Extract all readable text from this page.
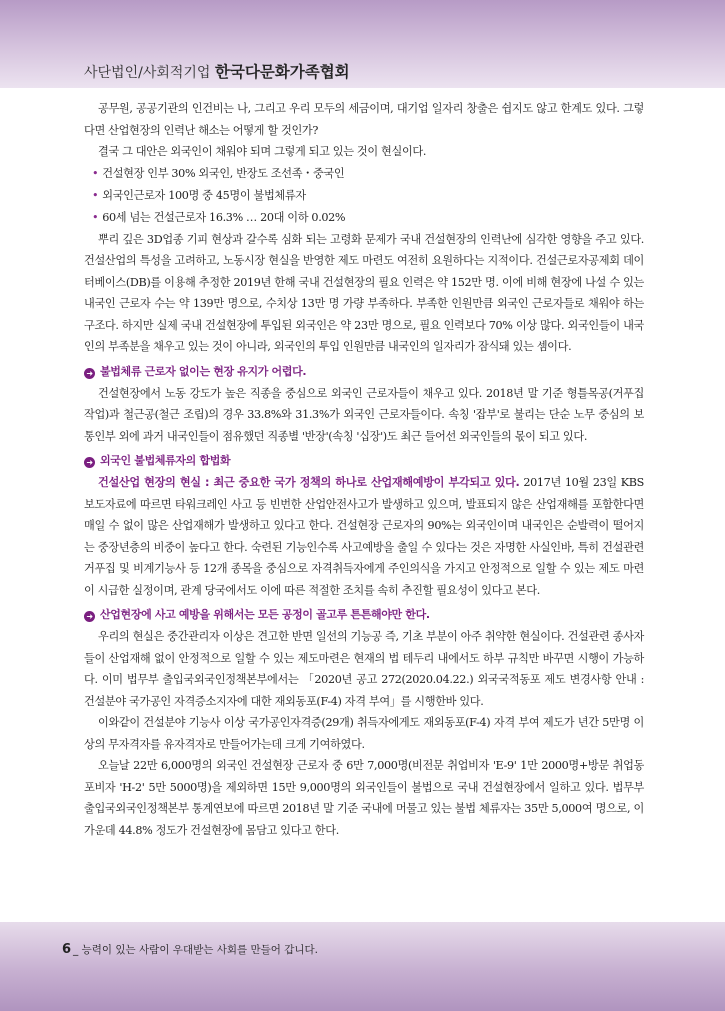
사단법인/사회적기업 한국다문화가족협회

공무원, 공공기관의 인건비는 나, 그리고 우리 모두의 세금이며, 대기업 일자리 창출은 쉽지도 않고 한계도 있다. 그렇다면 산업현장의 인력난 해소는 어떻게 할 것인가?

결국 그 대안은 외국인이 채워야 되며 그렇게 되고 있는 것이 현실이다.

• 건설현장 인부 30% 외국인, 반장도 조선족・중국인

• 외국인근로자 100명 중 45명이 불법체류자

• 60세 넘는 건설근로자 16.3% … 20대 이하 0.02%

뿌리 깊은 3D업종 기피 현상과 갈수록 심화 되는 고령화 문제가 국내 건설현장의 인력난에 심각한 영향을 주고 있다. 건설산업의 특성을 고려하고, 노동시장 현실을 반영한 제도 마련도 여전히 요원하다는 지적이다. 건설근로자공제회 데이터베이스(DB)를 이용해 추정한 2019년 한해 국내 건설현장의 필요 인력은 약 152만 명. 이에 비해 현장에 나설 수 있는 내국인 근로자 수는 약 139만 명으로, 수치상 13만 명 가량 부족하다. 부족한 인원만큼 외국인 근로자들로 채워야 하는 구조다. 하지만 실제 국내 건설현장에 투입된 외국인은 약 23만 명으로, 필요 인력보다 70% 이상 많다. 외국인들이 내국인의 부족분을 채우고 있는 것이 아니라, 외국인의 투입 인원만큼 내국인의 일자리가 잠식돼 있는 셈이다.

➜ 불법체류 근로자 없이는 현장 유지가 어렵다.

건설현장에서 노동 강도가 높은 직종을 중심으로 외국인 근로자들이 채우고 있다. 2018년 말 기준 형틀목공(거푸집 작업)과 철근공(철근 조립)의 경우 33.8%와 31.3%가 외국인 근로자들이다. 속칭 '잡부'로 불리는 단순 노무 중심의 보통인부 외에 과거 내국인들이 점유했던 직종별 '반장'(속칭 '십장')도 최근 들어선 외국인들의 몫이 되고 있다.

➜ 외국인 불법체류자의 합법화

건설산업 현장의 현실 : 최근 중요한 국가 정책의 하나로 산업재해예방이 부각되고 있다. 2017년 10월 23일 KBS 보도자료에 따르면 타워크레인 사고 등 빈번한 산업안전사고가 발생하고 있으며, 발표되지 않은 산업재해를 포함한다면 매일 수 없이 많은 산업재해가 발생하고 있다고 한다. 건설현장 근로자의 90%는 외국인이며 내국인은 순발력이 떨어지는 중장년층의 비중이 높다고 한다. 숙련된 기능인수록 사고예방을 출일 수 있다는 것은 자명한 사실인바, 특히 건설관련 거푸집 및 비계기능사 등 12개 종목을 중심으로 자격취득자에게 주인의식을 가지고 안정적으로 일할 수 있는 제도 마련이 시급한 실정이며, 관계 당국에서도 이에 따른 적절한 조치를 속히 추진할 필요성이 있다고 본다.

➜ 산업현장에 사고 예방을 위해서는 모든 공정이 골고루 튼튼해야만 한다.

우리의 현실은 중간관리자 이상은 견고한 반면 일선의 기능공 즉, 기초 부분이 아주 취약한 현실이다. 건설관련 종사자들이 산업재해 없이 안정적으로 일할 수 있는 제도마련은 현재의 법 테두리 내에서도 하부 규칙만 바꾸면 시행이 가능하다. 이미 법무부 출입국외국인정책본부에서는 「2020년 공고 272(2020.04.22.) 외국국적동포 제도 변경사항 안내 : 건설분야 국가공인 자격증소지자에 대한 재외동포(F-4) 자격 부여」를 시행한바 있다.

이와같이 건설분야 기능사 이상 국가공인자격증(29개) 취득자에게도 재외동포(F-4) 자격 부여 제도가 년간 5만명 이상의 무자격자를 유자격자로 만들어가는데 크게 기여하였다.

오늘날 22만 6,000명의 외국인 건설현장 근로자 중 6만 7,000명(비전문 취업비자 'E-9' 1만 2000명+방문 취업동포비자 'H-2' 5만 5000명)을 제외하면 15만 9,000명의 외국인들이 불법으로 국내 건설현장에서 일하고 있다. 법무부 출입국외국인정책본부 통계연보에 따르면 2018년 말 기준 국내에 머물고 있는 불법 체류자는 35만 5,000여 명으로, 이 가운데 44.8% 정도가 건설현장에 몸담고 있다고 한다.

6 _ 능력이 있는 사람이 우대받는 사회를 만들어 갑니다.
